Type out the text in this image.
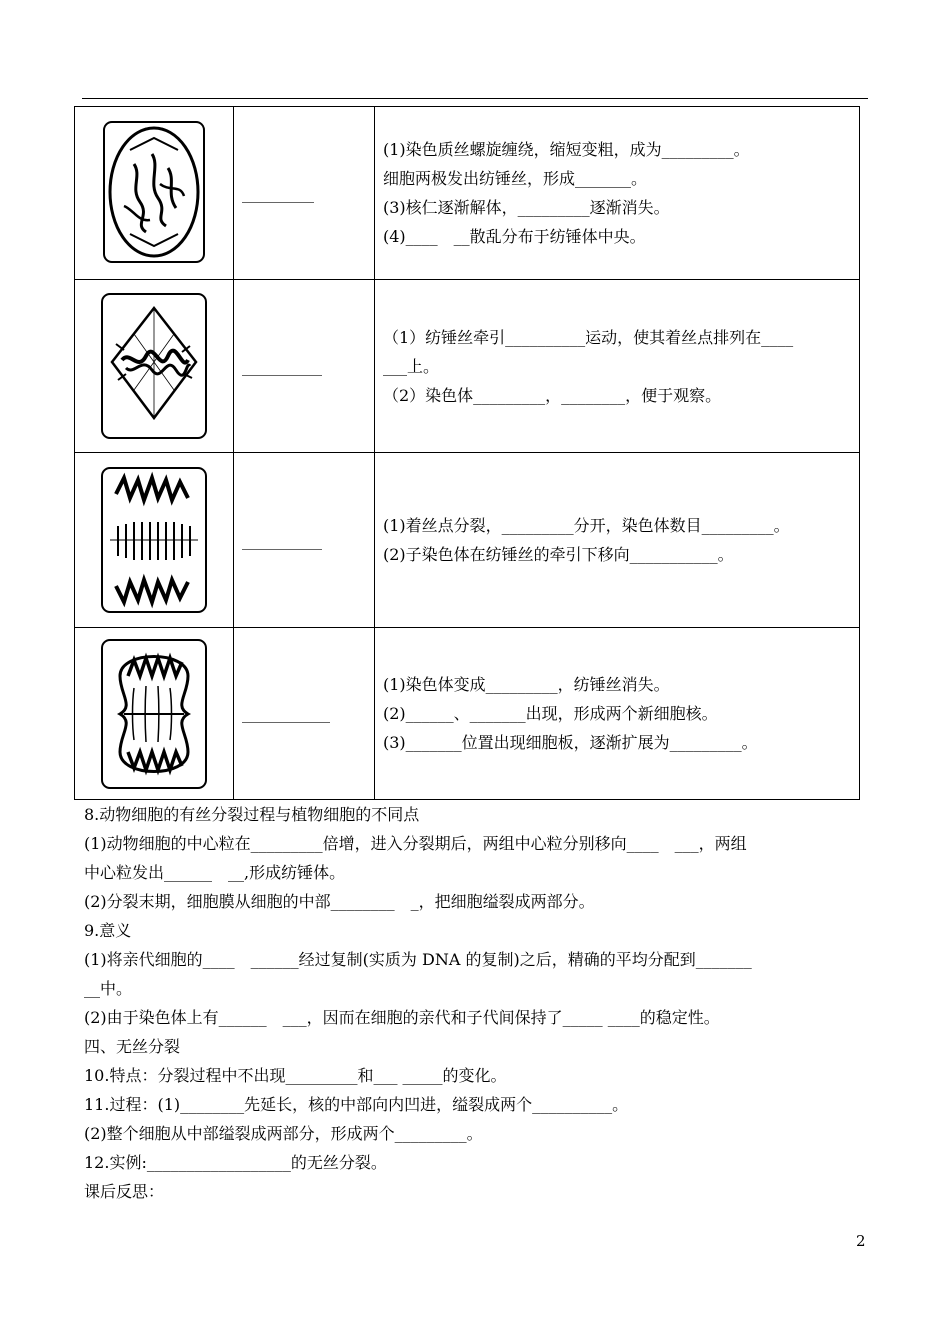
	_________	(1)染色质丝螺旋缠绕，缩短变粗，成为_________。
细胞两极发出纺锤丝，形成_______。
(3)核仁逐渐解体，_________逐渐消失。
(4)____　__散乱分布于纺锤体中央。

	__________	（1）纺锤丝牵引__________运动，使其着丝点排列在____
___上。
（2）染色体_________，________，便于观察。

	__________	(1)着丝点分裂，_________分开，染色体数目_________。
(2)子染色体在纺锤丝的牵引下移向___________。

	___________	(1)染色体变成_________，纺锤丝消失。
(2)______、_______出现，形成两个新细胞核。
(3)_______位置出现细胞板，逐渐扩展为_________。

8.动物细胞的有丝分裂过程与植物细胞的不同点

(1)动物细胞的中心粒在_________倍增，进入分裂期后，两组中心粒分别移向____　___，两组

中心粒发出______　__,形成纺锤体。

(2)分裂末期，细胞膜从细胞的中部________　_，把细胞缢裂成两部分。

9.意义

(1)将亲代细胞的____　______经过复制(实质为 DNA 的复制)之后，精确的平均分配到_______

__中。

(2)由于染色体上有______　___，因而在细胞的亲代和子代间保持了_____ ____的稳定性。

四、无丝分裂

10.特点：分裂过程中不出现_________和___ _____的变化。

11.过程：(1)________先延长，核的中部向内凹进，缢裂成两个__________。

(2)整个细胞从中部缢裂成两部分，形成两个_________。

12.实例:__________________的无丝分裂。

课后反思：

2
